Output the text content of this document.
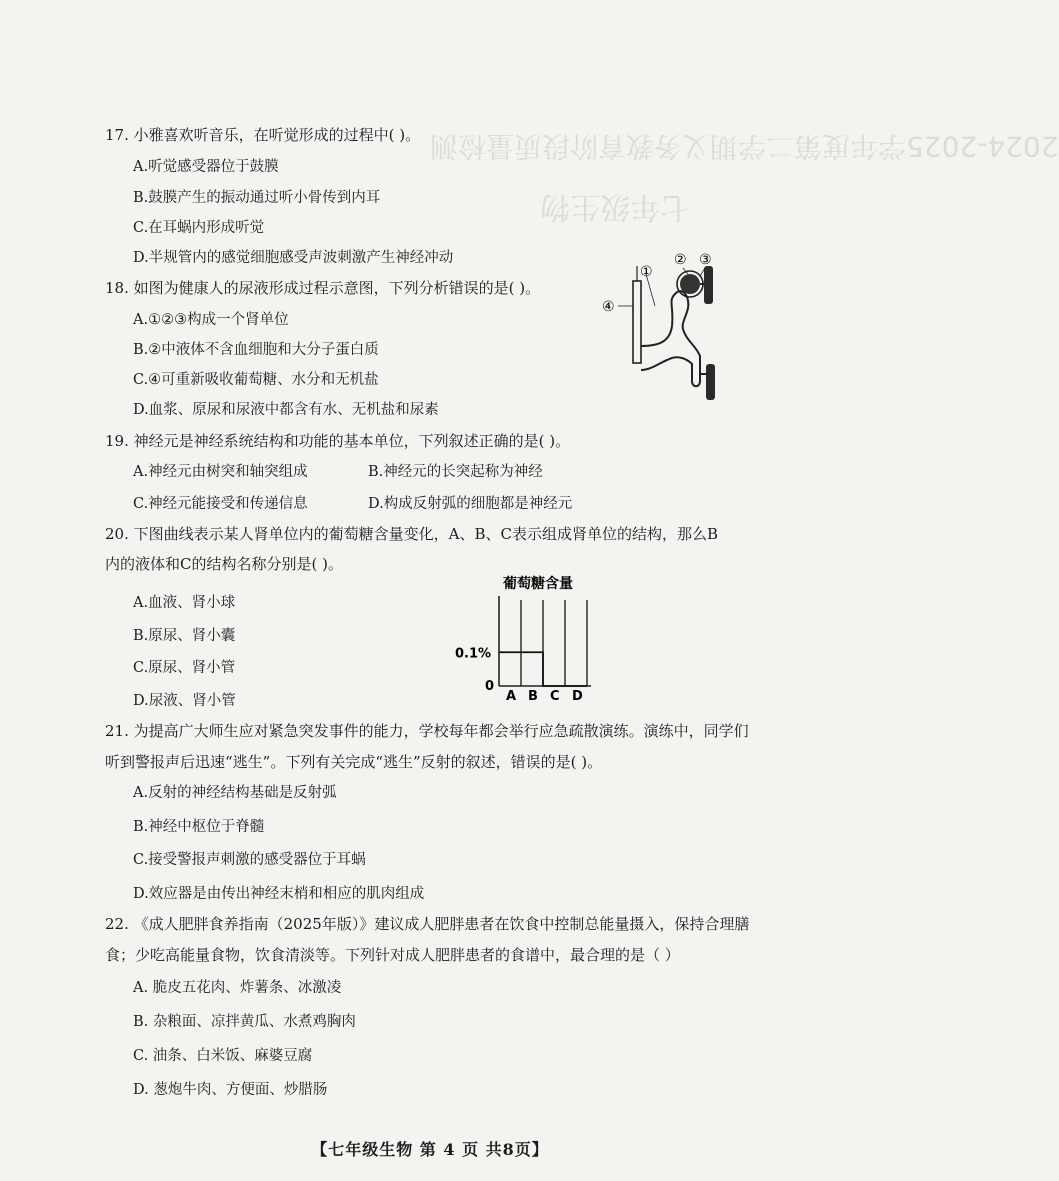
2024-2025学年度第二学期义务教育阶段质量检测
七年级生物
17. 小雅喜欢听音乐，在听觉形成的过程中( )。
A.听觉感受器位于鼓膜
B.鼓膜产生的振动通过听小骨传到内耳
C.在耳蜗内形成听觉
D.半规管内的感觉细胞感受声波刺激产生神经冲动
18. 如图为健康人的尿液形成过程示意图，下列分析错误的是( )。
A.①②③构成一个肾单位
B.②中液体不含血细胞和大分子蛋白质
C.④可重新吸收葡萄糖、水分和无机盐
D.血浆、原尿和尿液中都含有水、无机盐和尿素
①
② ③
④
19. 神经元是神经系统结构和功能的基本单位，下列叙述正确的是( )。
A.神经元由树突和轴突组成	B.神经元的长突起称为神经
C.神经元能接受和传递信息	D.构成反射弧的细胞都是神经元
20. 下图曲线表示某人肾单位内的葡萄糖含量变化，A、B、C表示组成肾单位的结构，那么B
内的液体和C的结构名称分别是( )。
A.血液、肾小球
B.原尿、肾小囊
C.原尿、肾小管
D.尿液、肾小管
葡萄糖含量
A B C D
0.1%
0
21. 为提高广大师生应对紧急突发事件的能力，学校每年都会举行应急疏散演练。演练中，同学们
听到警报声后迅速“逃生”。下列有关完成“逃生”反射的叙述，错误的是( )。
A.反射的神经结构基础是反射弧
B.神经中枢位于脊髓
C.接受警报声刺激的感受器位于耳蜗
D.效应器是由传出神经末梢和相应的肌肉组成
22. 《成人肥胖食养指南（2025年版）》建议成人肥胖患者在饮食中控制总能量摄入，保持合理膳
食；少吃高能量食物，饮食清淡等。下列针对成人肥胖患者的食谱中，最合理的是（ ）
A. 脆皮五花肉、炸薯条、冰激凌
B. 杂粮面、凉拌黄瓜、水煮鸡胸肉
C. 油条、白米饭、麻婆豆腐
D. 葱炮牛肉、方便面、炒腊肠
【七年级生物 第 4 页 共8页】
